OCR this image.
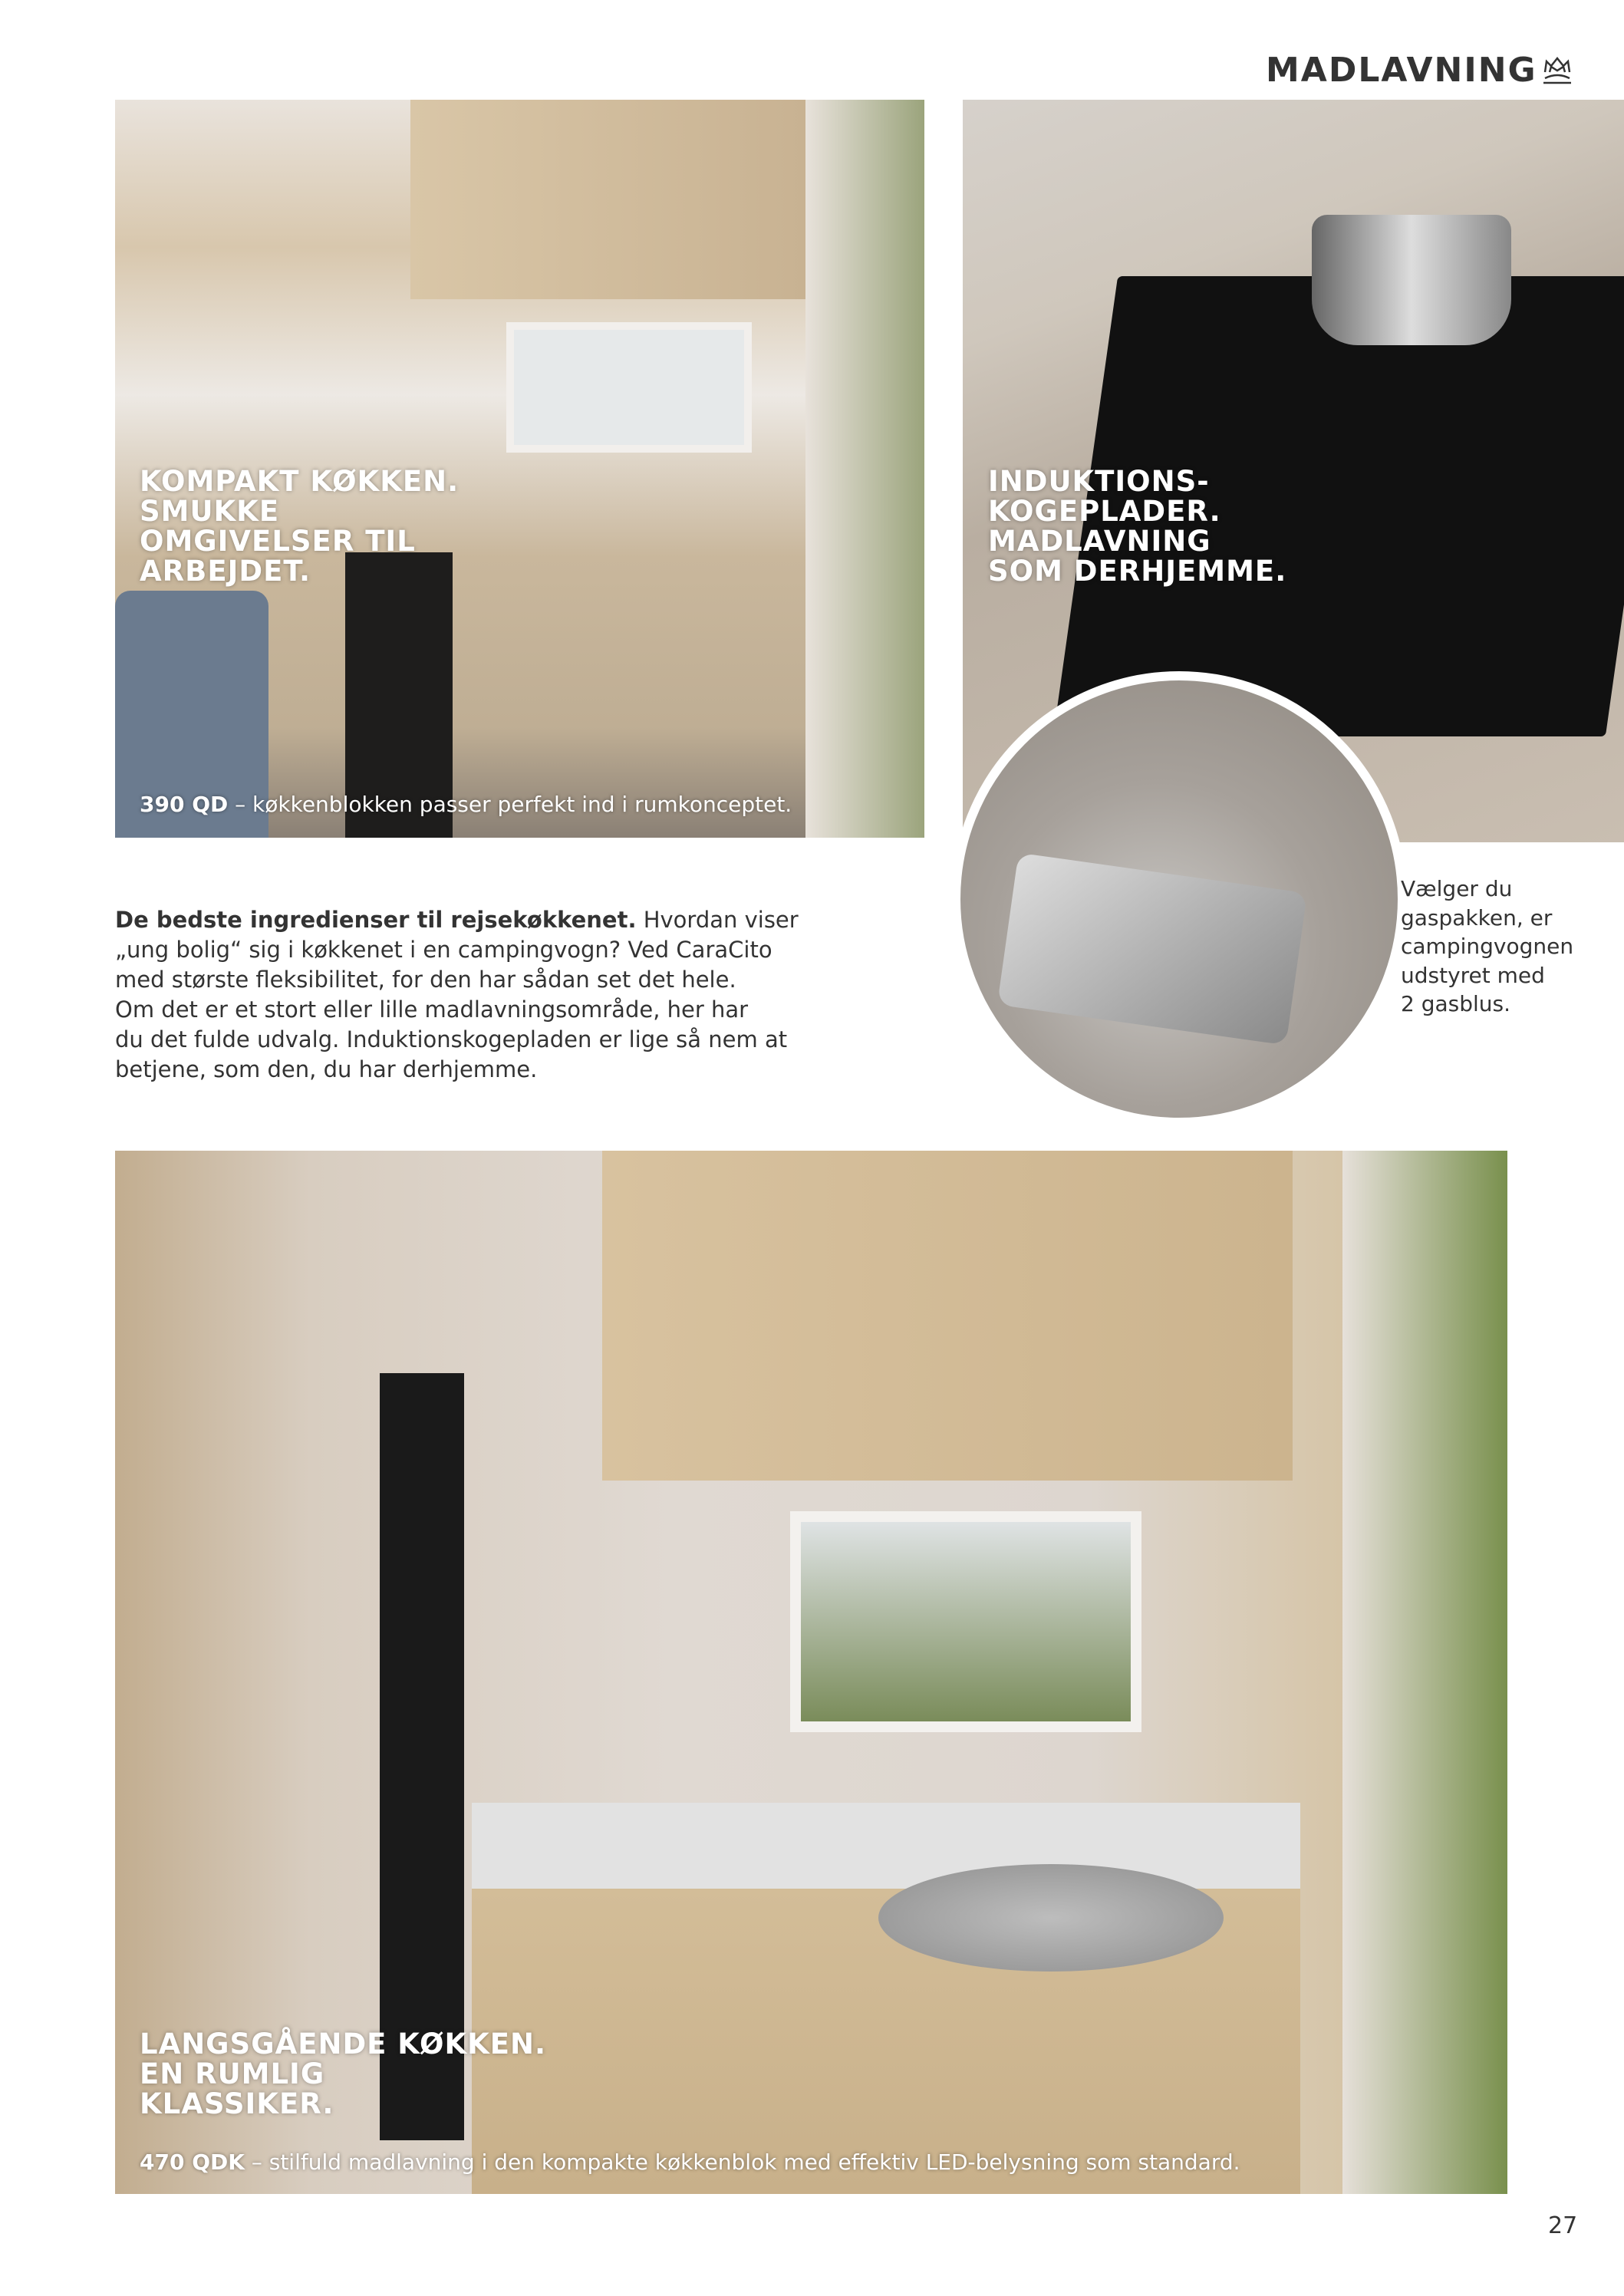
MADLAVNING
KOMPAKT KØKKEN.
SMUKKE
OMGIVELSER TIL
ARBEJDET.
390 QD – køkkenblokken passer perfekt ind i rumkonceptet.
INDUKTIONS-
KOGEPLADER.
MADLAVNING
SOM DERHJEMME.
De bedste ingredienser til rejsekøkkenet. Hvordan viser
„ung bolig“ sig i køkkenet i en campingvogn? Ved CaraCito
med største fleksibilitet, for den har sådan set det hele.
Om det er et stort eller lille madlavningsområde, her har
du det fulde udvalg. Induktionskogepladen er lige så nem at
betjene, som den, du har derhjemme.
Vælger du
gaspakken, er
campingvognen
udstyret med
2 gasblus.
LANGSGÅENDE KØKKEN.
EN RUMLIG
KLASSIKER.
470 QDK – stilfuld madlavning i den kompakte køkkenblok med effektiv LED-belysning som standard.
27
